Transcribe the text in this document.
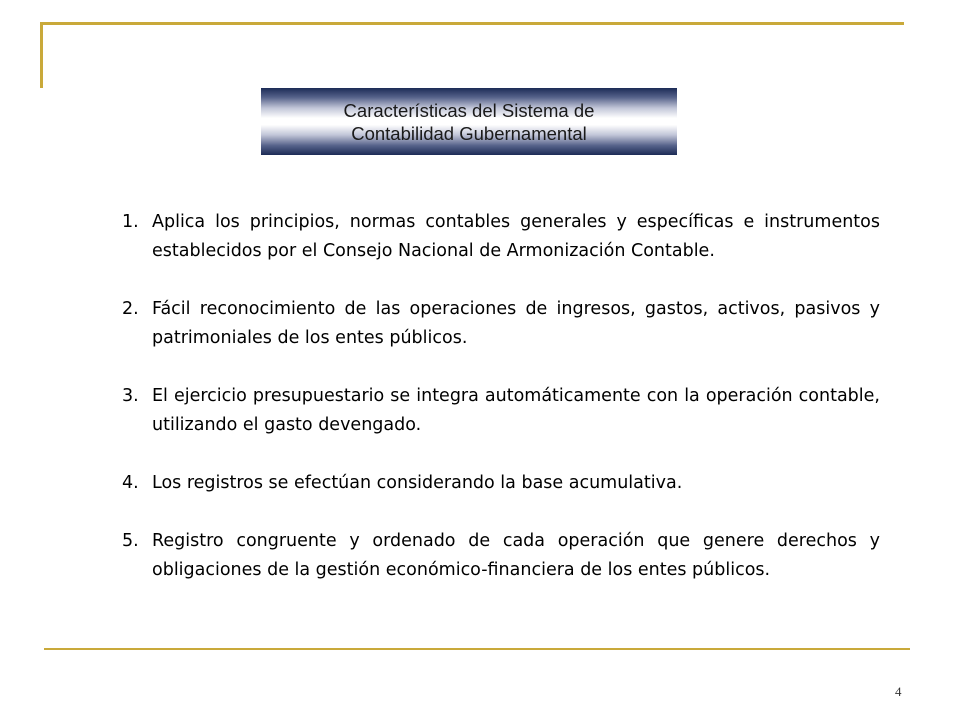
Características del Sistema de
Contabilidad Gubernamental
1. Aplica los principios, normas contables generales y específicas e instrumentos establecidos por el Consejo Nacional de Armonización Contable.
2. Fácil reconocimiento de las operaciones de ingresos, gastos, activos, pasivos y patrimoniales de los entes públicos.
3. El ejercicio presupuestario se integra automáticamente con la operación contable, utilizando el gasto devengado.
4. Los registros se efectúan considerando la base acumulativa.
5. Registro congruente y ordenado de cada operación que genere derechos y obligaciones de la gestión económico-financiera de los entes públicos.
4
